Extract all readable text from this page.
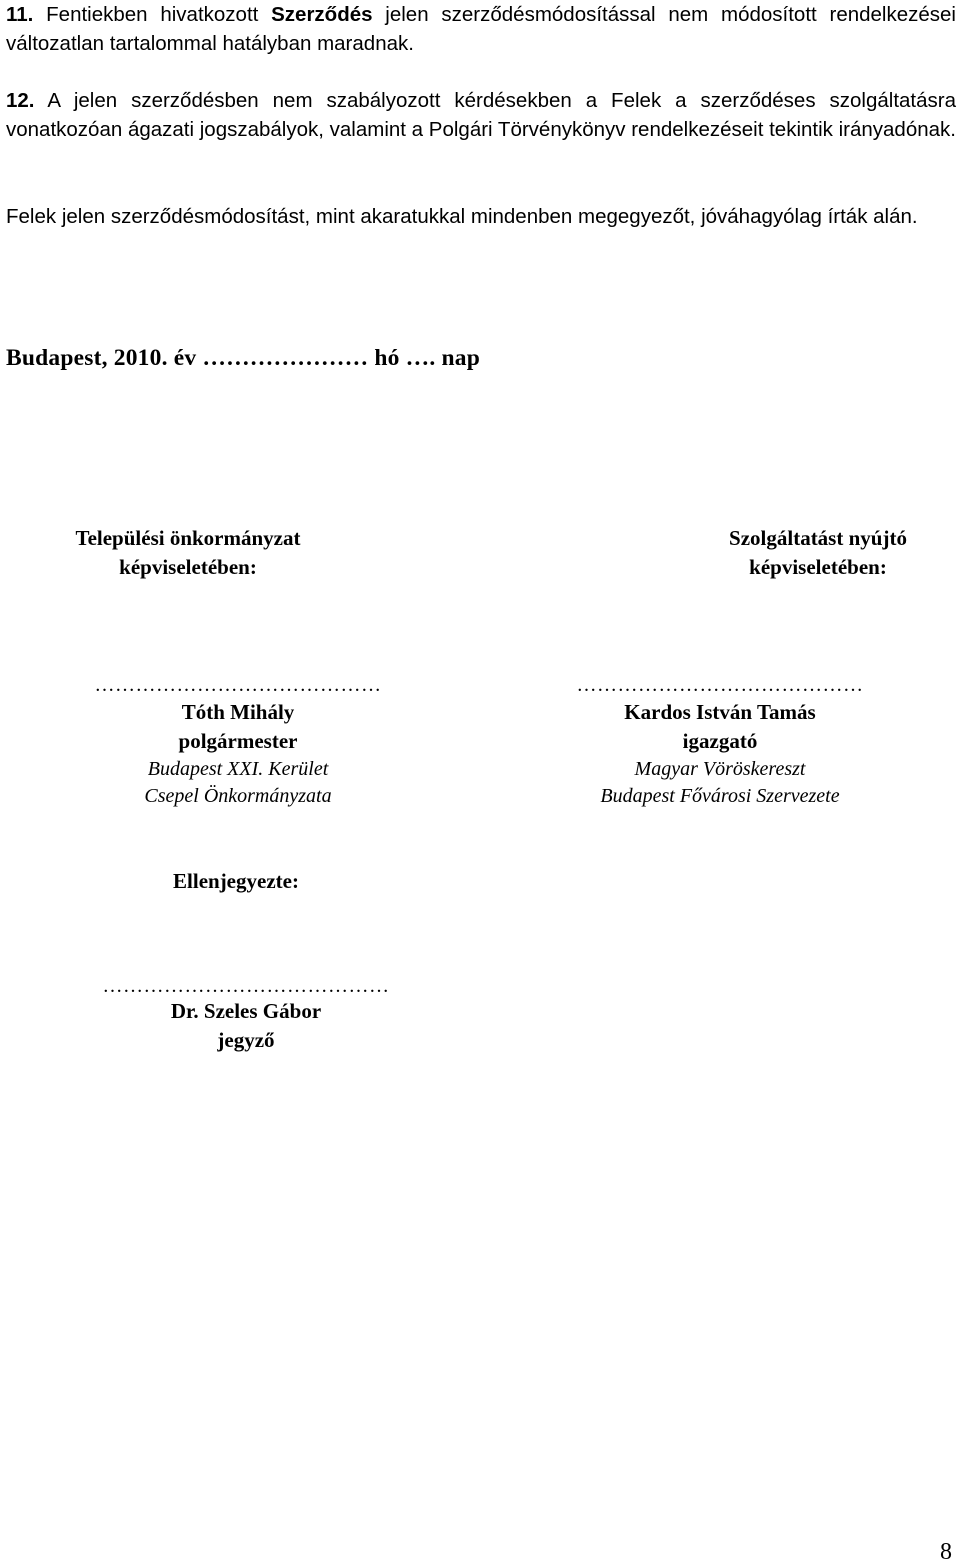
11. Fentiekben hivatkozott Szerződés jelen szerződésmódosítással nem módosított rendelkezései változatlan tartalommal hatályban maradnak.
12. A jelen szerződésben nem szabályozott kérdésekben a Felek a szerződéses szolgáltatásra vonatkozóan ágazati jogszabályok, valamint a Polgári Törvénykönyv rendelkezéseit tekintik irányadónak.
Felek jelen szerződésmódosítást, mint akaratukkal mindenben megegyezőt, jóváhagyólag írták alán.
Budapest, 2010. év ………………… hó …. nap
Települési önkormányzat
képviseletében:
……………………………………
Tóth Mihály
polgármester
Budapest XXI. Kerület
Csepel Önkormányzata
Szolgáltatást nyújtó
képviseletében:
……………………………………
Kardos István Tamás
igazgató
Magyar Vöröskereszt
Budapest Fővárosi Szervezete
Ellenjegyezte:
……………………………………
Dr. Szeles Gábor
jegyző
8
